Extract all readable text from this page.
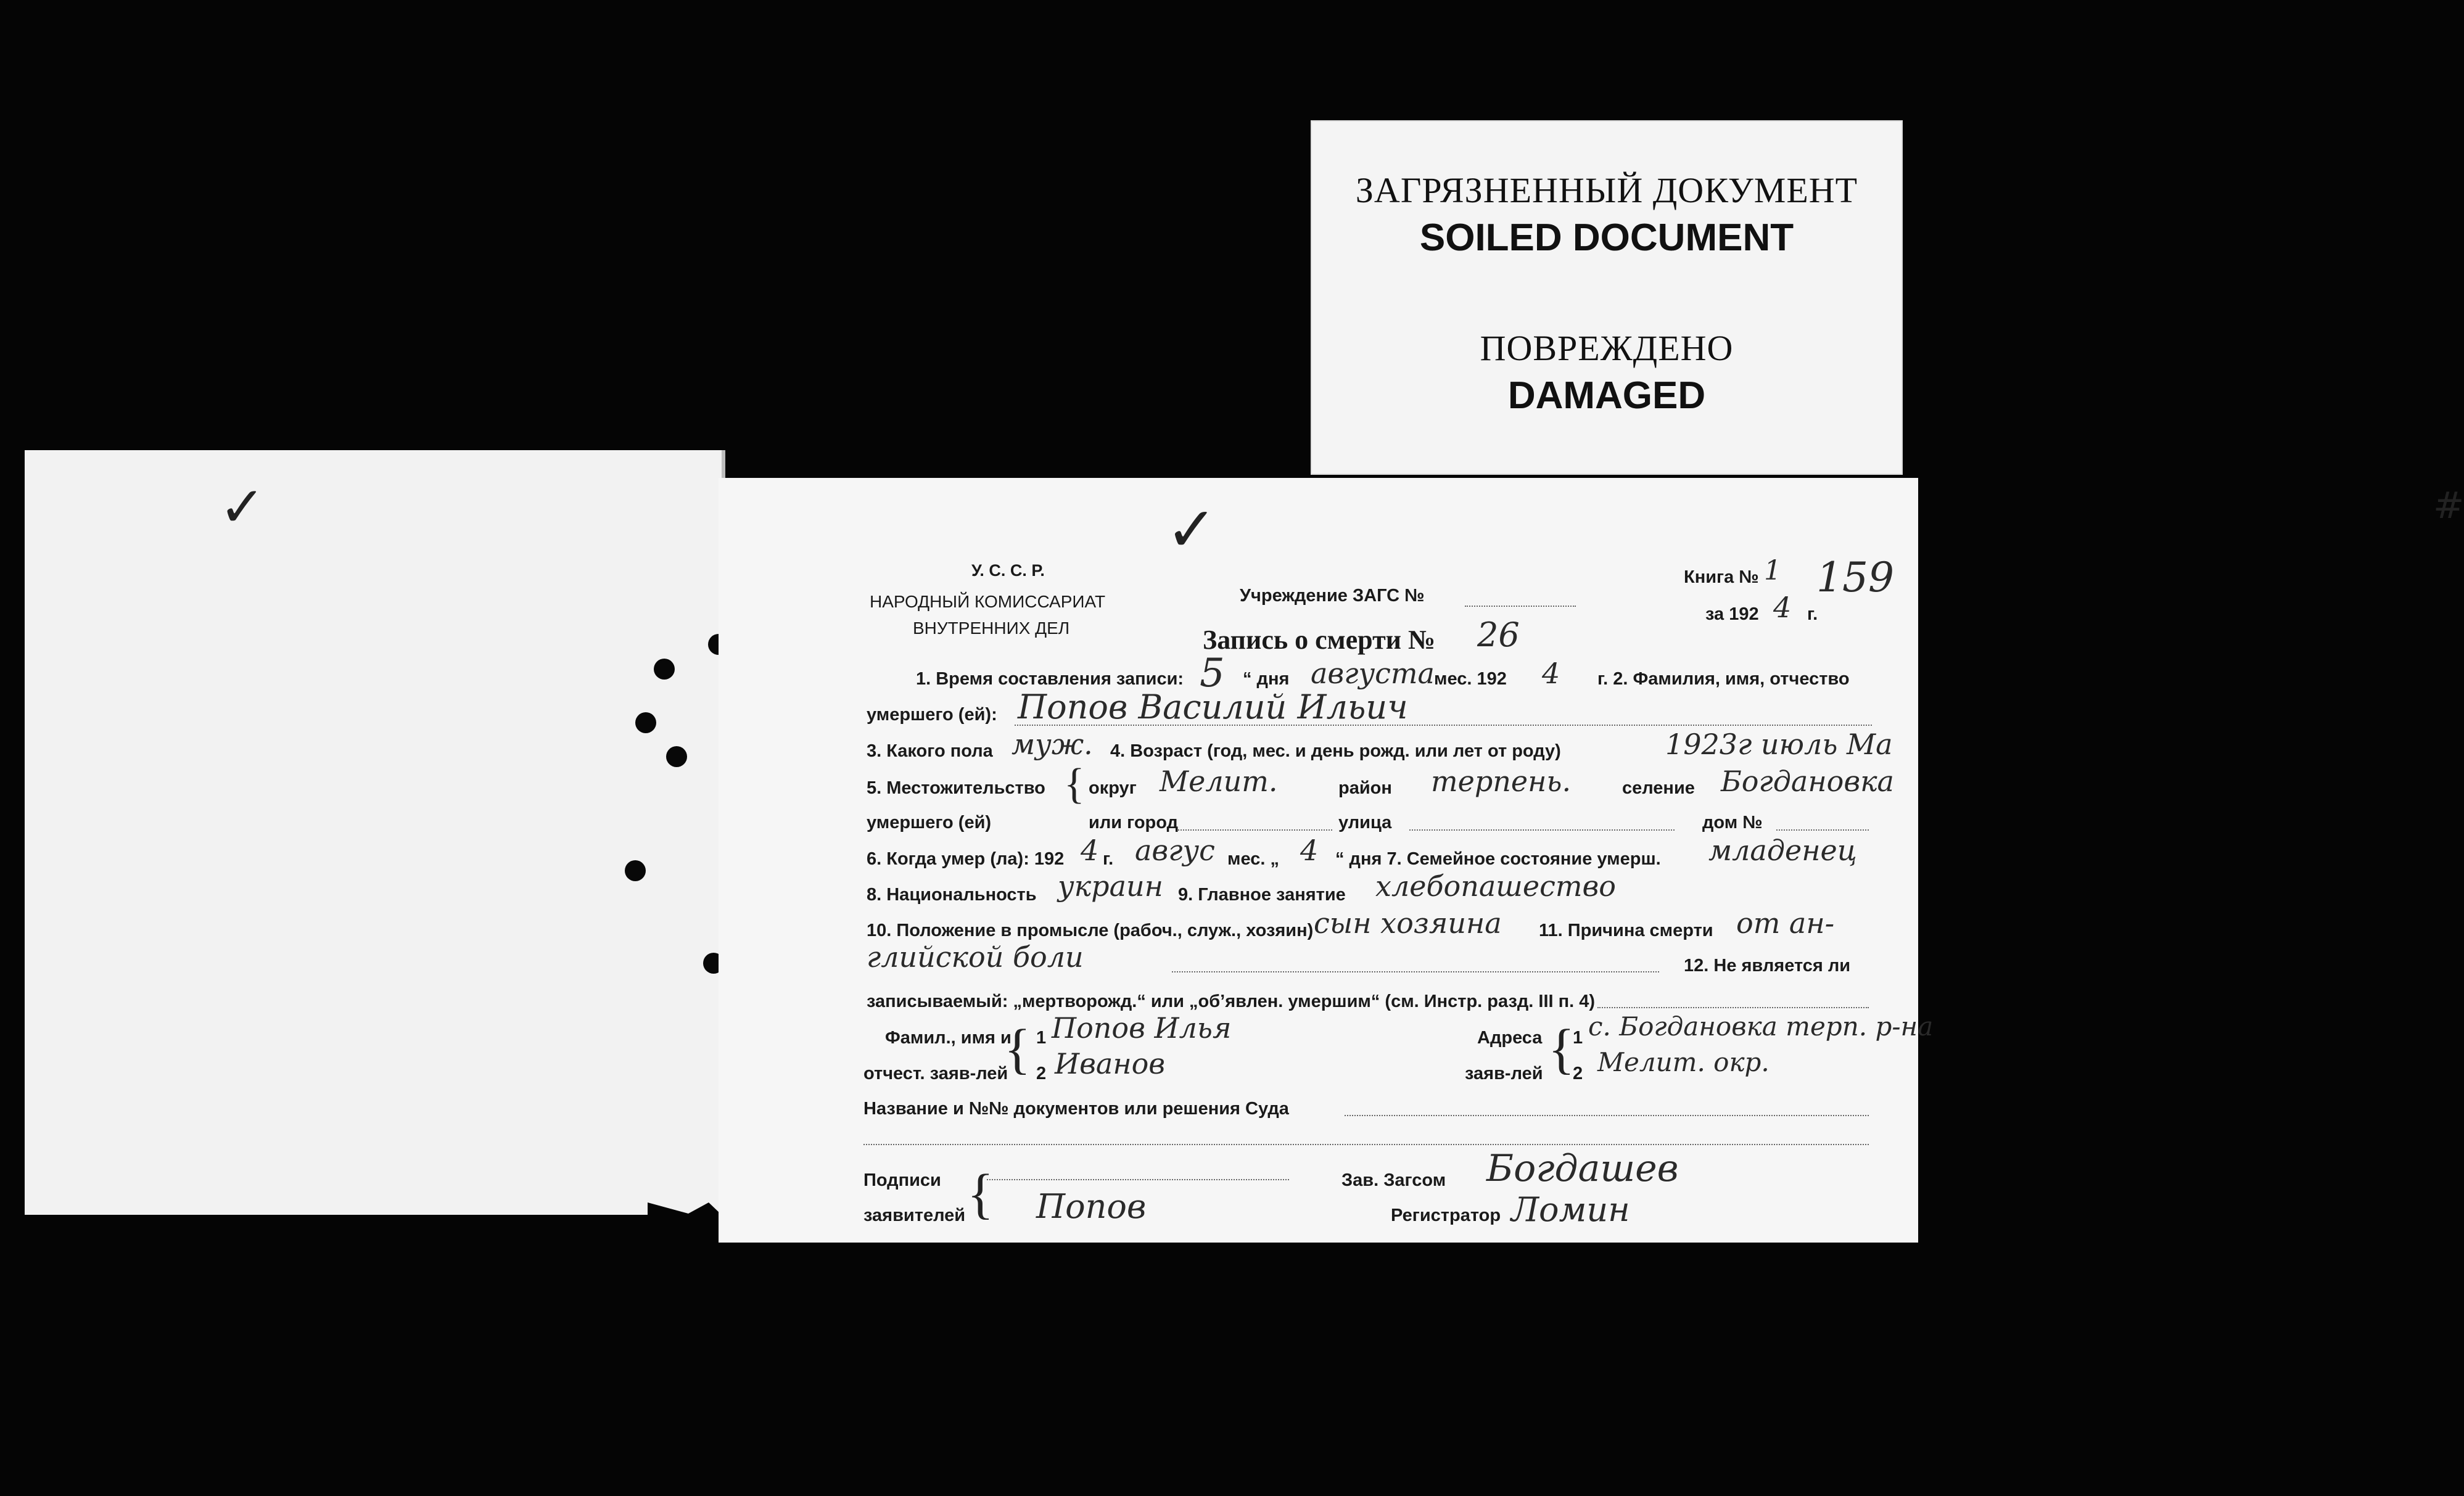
ЗАГРЯЗНЕННЫЙ ДОКУМЕНТ
SOILED DOCUMENT
ПОВРЕЖДЕНО
DAMAGED
✓	#
✓
У. С. С. Р.
НАРОДНЫЙ КОМИССАРИАТ
ВНУТРЕННИХ ДЕЛ
Учреждение ЗАГС №
Книга № 1 159
за 192 4 г.
Запись о смерти № 26
1. Время составления записи: 5 “ дня августа мес. 192 4 г. 2. Фамилия, имя, отчество
умершего (ей): Попов Василий Ильич
3. Какого пола муж. 4. Возраст (год, мес. и день рожд. или лет от роду)	1923г июль Ма
5. Местожительство { округ Мелит.	район терпень.	селение Богдановка
умершего (ей)	или город	улица	дом №
6. Когда умер (ла): 192 4 г. авгус мес. „ 4 “ дня 7. Семейное состояние умерш. младенец
8. Национальность украин 9. Главное занятие хлебопашество
10. Положение в промысле (рабоч., служ., хозяин) сын хозяина 11. Причина смерти от ан-
глийской боли	12. Не является ли
записываемый: „мертворожд.“ или „об’явлен. умершим“ (см. Инстр. разд. III п. 4)
Фамил., имя и
{ 1 Попов Илья	Адреса {
1 с. Богдановка терп. р-на
отчест. заяв-лей 2 Иванов	заяв-лей 2 Мелит. окр.
Название и №№ документов или решения Суда
Подписи
заявителей { Попов
Зав. Загсом Богдашев
Регистратор Ломин
